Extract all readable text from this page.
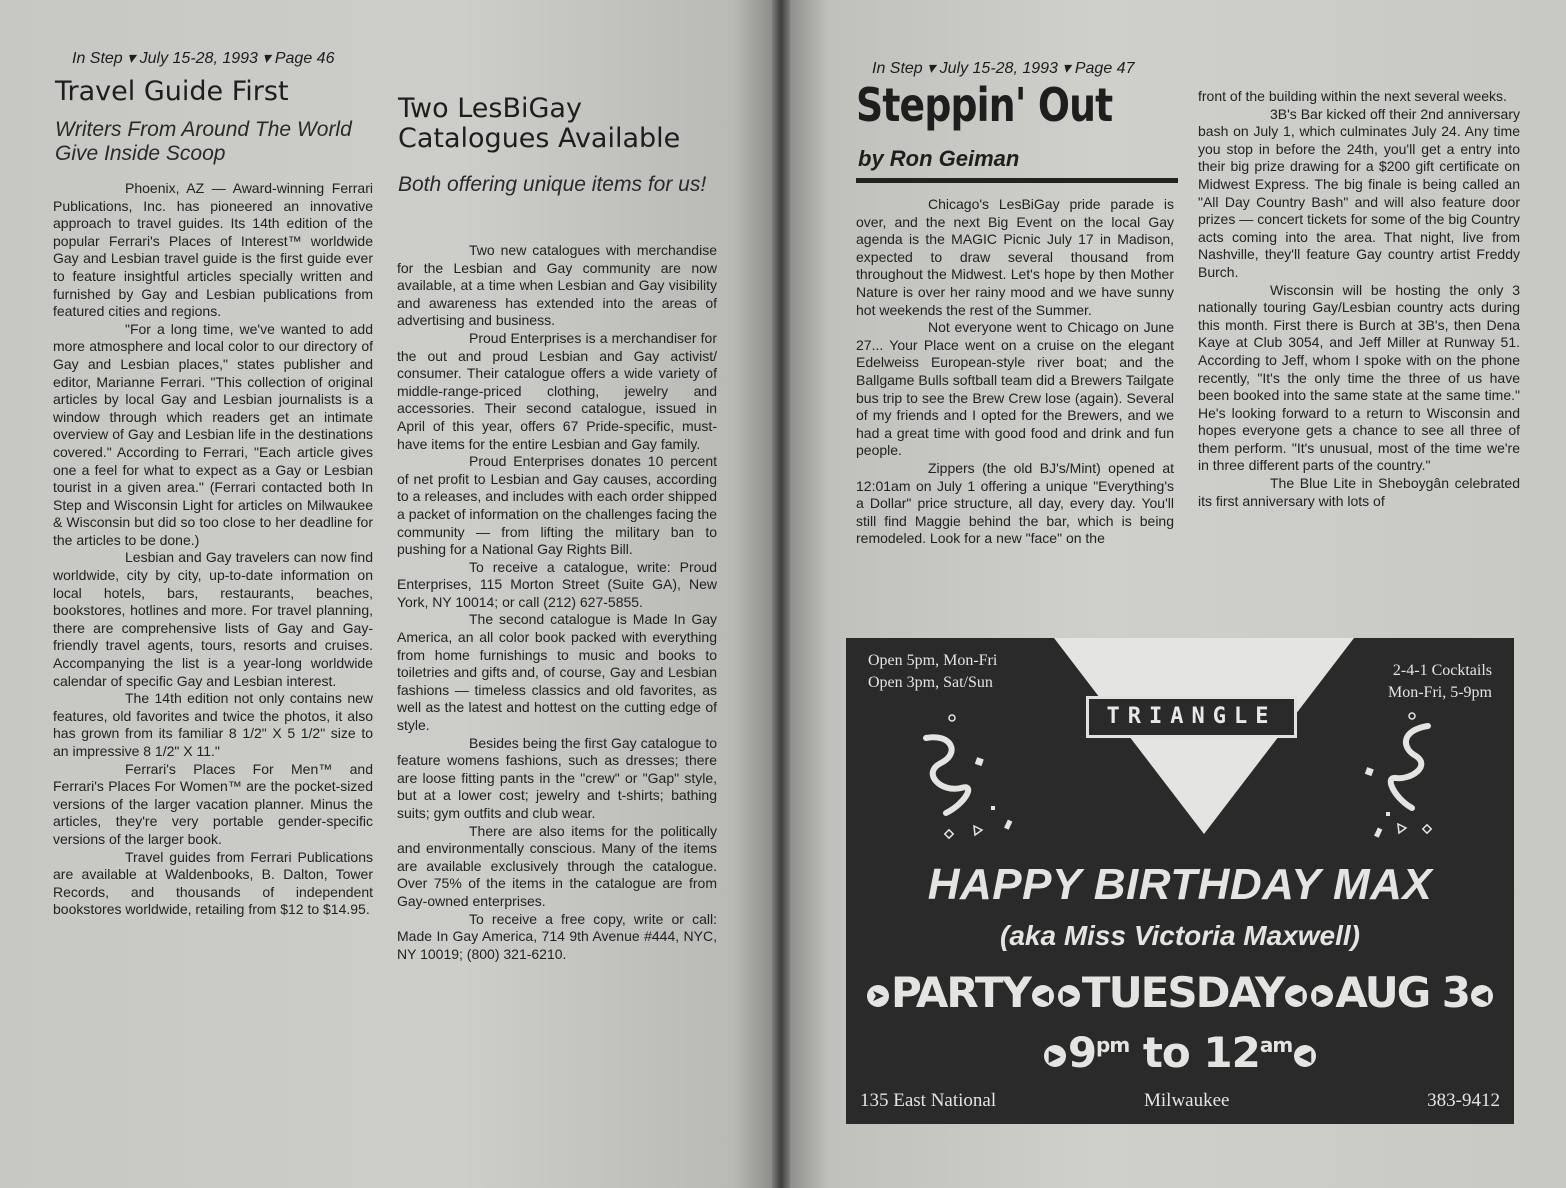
In Step ▾ July 15-28, 1993 ▾ Page 46
Travel Guide First
Writers From Around The World Give Inside Scoop

Phoenix, AZ — Award-winning Ferrari Publications, Inc. has pioneered an innovative approach to travel guides. Its 14th edition of the popular Ferrari's Places of Interest™ worldwide Gay and Lesbian travel guide is the first guide ever to feature insightful articles specially written and furnished by Gay and Lesbian publications from featured cities and regions.

"For a long time, we've wanted to add more atmosphere and local color to our directory of Gay and Lesbian places," states publisher and editor, Marianne Ferrari. "This collection of original articles by local Gay and Lesbian journalists is a window through which readers get an intimate overview of Gay and Lesbian life in the destinations covered." According to Ferrari, "Each article gives one a feel for what to expect as a Gay or Lesbian tourist in a given area." (Ferrari contacted both In Step and Wisconsin Light for articles on Milwaukee & Wisconsin but did so too close to her deadline for the articles to be done.)

Lesbian and Gay travelers can now find worldwide, city by city, up-to-date information on local hotels, bars, restaurants, beaches, bookstores, hotlines and more. For travel planning, there are comprehensive lists of Gay and Gay-friendly travel agents, tours, resorts and cruises. Accompanying the list is a year-long worldwide calendar of specific Gay and Lesbian interest.

The 14th edition not only contains new features, old favorites and twice the photos, it also has grown from its familiar 8 1/2" X 5 1/2" size to an impressive 8 1/2" X 11."

Ferrari's Places For Men™ and Ferrari's Places For Women™ are the pocket-sized versions of the larger vacation planner. Minus the articles, they're very portable gender-specific versions of the larger book.

Travel guides from Ferrari Publications are available at Waldenbooks, B. Dalton, Tower Records, and thousands of independent bookstores worldwide, retailing from $12 to $14.95.

Two LesBiGay
Catalogues Available
Both offering unique items for us!

Two new catalogues with merchandise for the Lesbian and Gay community are now available, at a time when Lesbian and Gay visibility and awareness has extended into the areas of advertising and business.

Proud Enterprises is a merchandiser for the out and proud Lesbian and Gay activist/ consumer. Their catalogue offers a wide variety of middle-range-priced clothing, jewelry and accessories. Their second catalogue, issued in April of this year, offers 67 Pride-specific, must-have items for the entire Lesbian and Gay family.

Proud Enterprises donates 10 percent of net profit to Lesbian and Gay causes, according to a releases, and includes with each order shipped a packet of information on the challenges facing the community — from lifting the military ban to pushing for a National Gay Rights Bill.

To receive a catalogue, write: Proud Enterprises, 115 Morton Street (Suite GA), New York, NY 10014; or call (212) 627-5855.

The second catalogue is Made In Gay America, an all color book packed with everything from home furnishings to music and books to toiletries and gifts and, of course, Gay and Lesbian fashions — timeless classics and old favorites, as well as the latest and hottest on the cutting edge of style.

Besides being the first Gay catalogue to feature womens fashions, such as dresses; there are loose fitting pants in the "crew" or "Gap" style, but at a lower cost; jewelry and t-shirts; bathing suits; gym outfits and club wear.

There are also items for the politically and environmentally conscious. Many of the items are available exclusively through the catalogue. Over 75% of the items in the catalogue are from Gay-owned enterprises.

To receive a free copy, write or call: Made In Gay America, 714 9th Avenue #444, NYC, NY 10019; (800) 321-6210.

In Step ▾ July 15-28, 1993 ▾ Page 47
Steppin' Out
by Ron Geiman

Chicago's LesBiGay pride parade is over, and the next Big Event on the local Gay agenda is the MAGIC Picnic July 17 in Madison, expected to draw several thousand from throughout the Midwest. Let's hope by then Mother Nature is over her rainy mood and we have sunny hot weekends the rest of the Summer.

Not everyone went to Chicago on June 27... Your Place went on a cruise on the elegant Edelweiss European-style river boat; and the Ballgame Bulls softball team did a Brewers Tailgate bus trip to see the Brew Crew lose (again). Several of my friends and I opted for the Brewers, and we had a great time with good food and drink and fun people.

Zippers (the old BJ's/Mint) opened at 12:01am on July 1 offering a unique "Everything's a Dollar" price structure, all day, every day. You'll still find Maggie behind the bar, which is being remodeled. Look for a new "face" on the

front of the building within the next several weeks.

3B's Bar kicked off their 2nd anniversary bash on July 1, which culminates July 24. Any time you stop in before the 24th, you'll get a entry into their big prize drawing for a $200 gift certificate on Midwest Express. The big finale is being called an "All Day Country Bash" and will also feature door prizes — concert tickets for some of the big Country acts coming into the area. That night, live from Nashville, they'll feature Gay country artist Freddy Burch.

Wisconsin will be hosting the only 3 nationally touring Gay/Lesbian country acts during this month. First there is Burch at 3B's, then Dena Kaye at Club 3054, and Jeff Miller at Runway 51. According to Jeff, whom I spoke with on the phone recently, "It's the only time the three of us have been booked into the same state at the same time." He's looking forward to a return to Wisconsin and hopes everyone gets a chance to see all three of them perform. "It's unusual, most of the time we're in three different parts of the country."

The Blue Lite in Sheboygân celebrated its first anniversary with lots of

TRIANGLE
Open 5pm, Mon-Fri
Open 3pm, Sat/Sun
2-4-1 Cocktails
Mon-Fri, 5-9pm
HAPPY BIRTHDAY MAX
(aka Miss Victoria Maxwell)
➤ PARTY ◀ ▶ TUESDAY ◀ ▶ AUG 3 ◀
▶ $9^{pm}$ to $12^{am}$ ◀
135 East National	Milwaukee	383-9412
